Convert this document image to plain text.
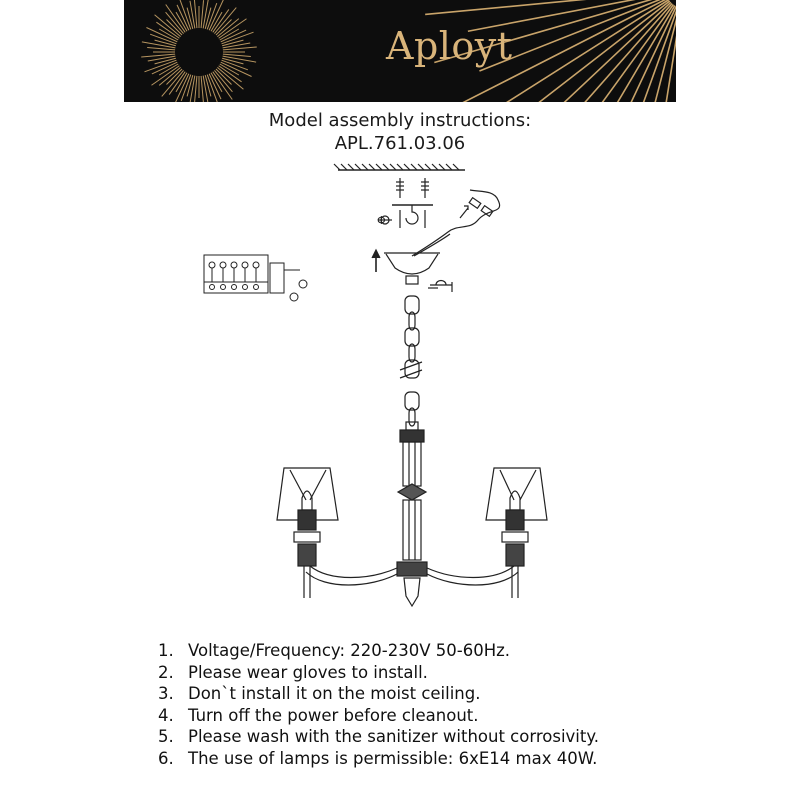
Aployt
Model assembly instructions:
APL.761.03.06
Φ
1. Voltage/Frequency: 220-230V 50-60Hz.
2. Please wear gloves to install.
3. Don`t install it on the moist ceiling.
4. Turn off the power before cleanout.
5. Please wash with the sanitizer without corrosivity.
6. The use of lamps is permissible: 6xE14 max 40W.
